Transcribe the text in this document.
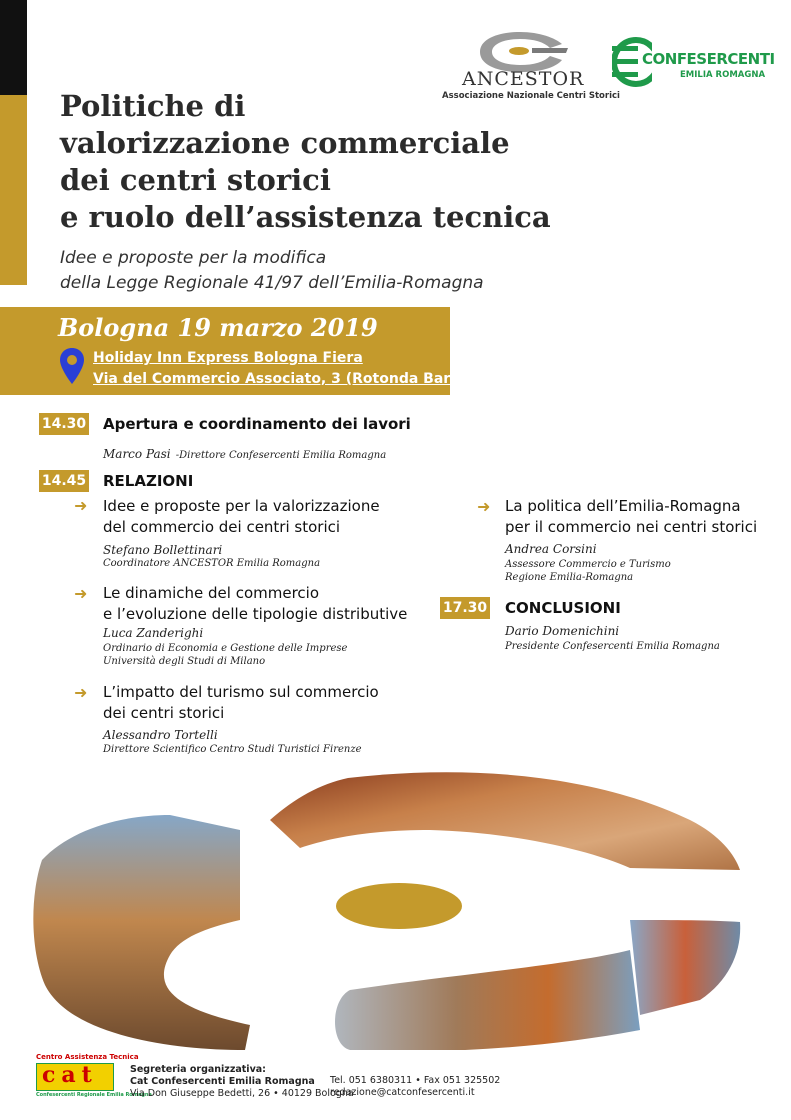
ANCESTOR
Associazione Nazionale Centri Storici
CONFESERCENTI
EMILIA ROMAGNA
Politiche di
valorizzazione commerciale
dei centri storici
e ruolo dell’assistenza tecnica
Idee e proposte per la modifica
della Legge Regionale 41/97 dell’Emilia-Romagna
Bologna 19 marzo 2019
Holiday Inn Express Bologna Fiera
Via del Commercio Associato, 3 (Rotonda Baroni)
14.30 Apertura e coordinamento dei lavori
Marco Pasi -Direttore Confesercenti Emilia Romagna
14.45 RELAZIONI
➜ Idee e proposte per la valorizzazione
del commercio dei centri storici
Stefano Bollettinari
Coordinatore ANCESTOR Emilia Romagna
➜ Le dinamiche del commercio
e l’evoluzione delle tipologie distributive
Luca Zanderighi
Ordinario di Economia e Gestione delle Imprese
Università degli Studi di Milano
➜ L’impatto del turismo sul commercio
dei centri storici
Alessandro Tortelli
Direttore Scientifico Centro Studi Turistici Firenze
➜ La politica dell’Emilia-Romagna
per il commercio nei centri storici
Andrea Corsini
Assessore Commercio e Turismo
Regione Emilia-Romagna
17.30 CONCLUSIONI
Dario Domenichini
Presidente Confesercenti Emilia Romagna
Centro Assistenza Tecnica
cat
Confesercenti Regionale Emilia Romagna
Segreteria organizzativa:
Cat Confesercenti Emilia Romagna
Via Don Giuseppe Bedetti, 26 • 40129 Bologna
Tel. 051 6380311 • Fax 051 325502
redazione@catconfesercenti.it
